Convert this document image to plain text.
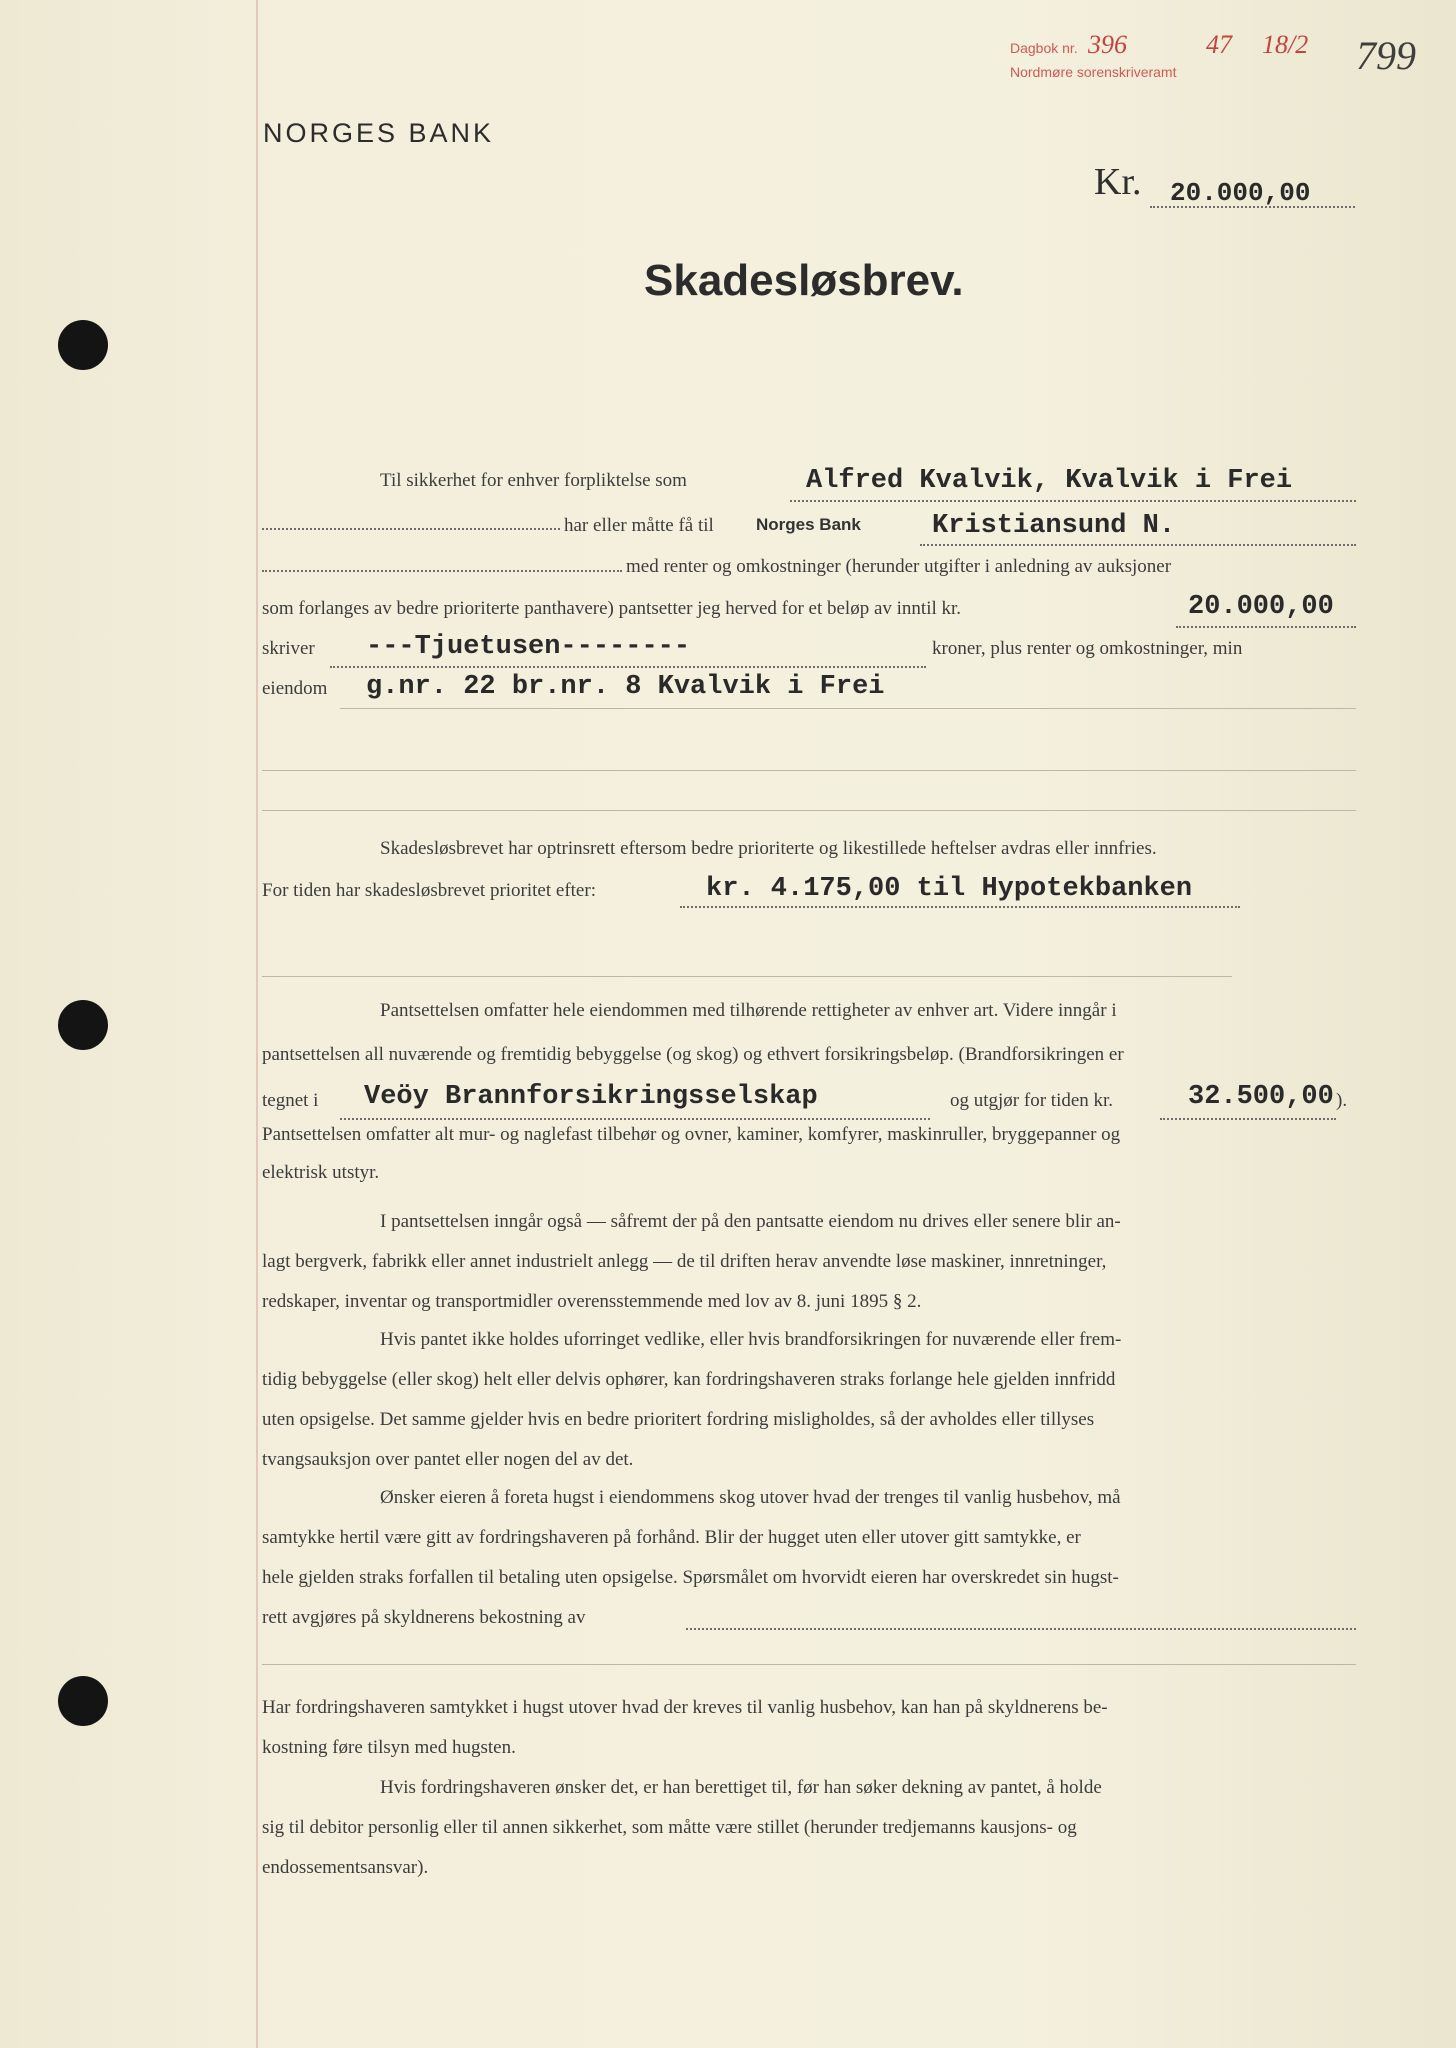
NORGES BANK
Dagbok nr. 396	47 18/2
Nordmøre sorenskriveramt	799
Kr. 20.000,00
Skadesløsbrev.
Til sikkerhet for enhver forpliktelse som	Alfred Kvalvik, Kvalvik i Frei
har eller måtte få til Norges Bank	Kristiansund N.
med renter og omkostninger (herunder utgifter i anledning av auksjoner
som forlanges av bedre prioriterte panthavere) pantsetter jeg herved for et beløp av inntil kr.	20.000,00
skriver ---Tjuetusen--------	kroner, plus renter og omkostninger, min
eiendom g.nr. 22 br.nr. 8 Kvalvik i Frei
Skadesløsbrevet har optrinsrett eftersom bedre prioriterte og likestillede heftelser avdras eller innfries.
For tiden har skadesløsbrevet prioritet efter:	kr. 4.175,00 til Hypotekbanken
Pantsettelsen omfatter hele eiendommen med tilhørende rettigheter av enhver art. Videre inngår i
pantsettelsen all nuværende og fremtidig bebyggelse (og skog) og ethvert forsikringsbeløp. (Brandforsikringen er
tegnet i Veöy Brannforsikringsselskap	og utgjør for tiden kr.	32.500,00 ).
Pantsettelsen omfatter alt mur- og naglefast tilbehør og ovner, kaminer, komfyrer, maskinruller, bryggepanner og
elektrisk utstyr.
I pantsettelsen inngår også — såfremt der på den pantsatte eiendom nu drives eller senere blir an-
lagt bergverk, fabrikk eller annet industrielt anlegg — de til driften herav anvendte løse maskiner, innretninger,
redskaper, inventar og transportmidler overensstemmende med lov av 8. juni 1895 § 2.
Hvis pantet ikke holdes uforringet vedlike, eller hvis brandforsikringen for nuværende eller frem-
tidig bebyggelse (eller skog) helt eller delvis ophører, kan fordringshaveren straks forlange hele gjelden innfridd
uten opsigelse. Det samme gjelder hvis en bedre prioritert fordring misligholdes, så der avholdes eller tillyses
tvangsauksjon over pantet eller nogen del av det.
Ønsker eieren å foreta hugst i eiendommens skog utover hvad der trenges til vanlig husbehov, må
samtykke hertil være gitt av fordringshaveren på forhånd. Blir der hugget uten eller utover gitt samtykke, er
hele gjelden straks forfallen til betaling uten opsigelse. Spørsmålet om hvorvidt eieren har overskredet sin hugst-
rett avgjøres på skyldnerens bekostning av
Har fordringshaveren samtykket i hugst utover hvad der kreves til vanlig husbehov, kan han på skyldnerens be-
kostning føre tilsyn med hugsten.
Hvis fordringshaveren ønsker det, er han berettiget til, før han søker dekning av pantet, å holde
sig til debitor personlig eller til annen sikkerhet, som måtte være stillet (herunder tredjemanns kausjons- og
endossementsansvar).
